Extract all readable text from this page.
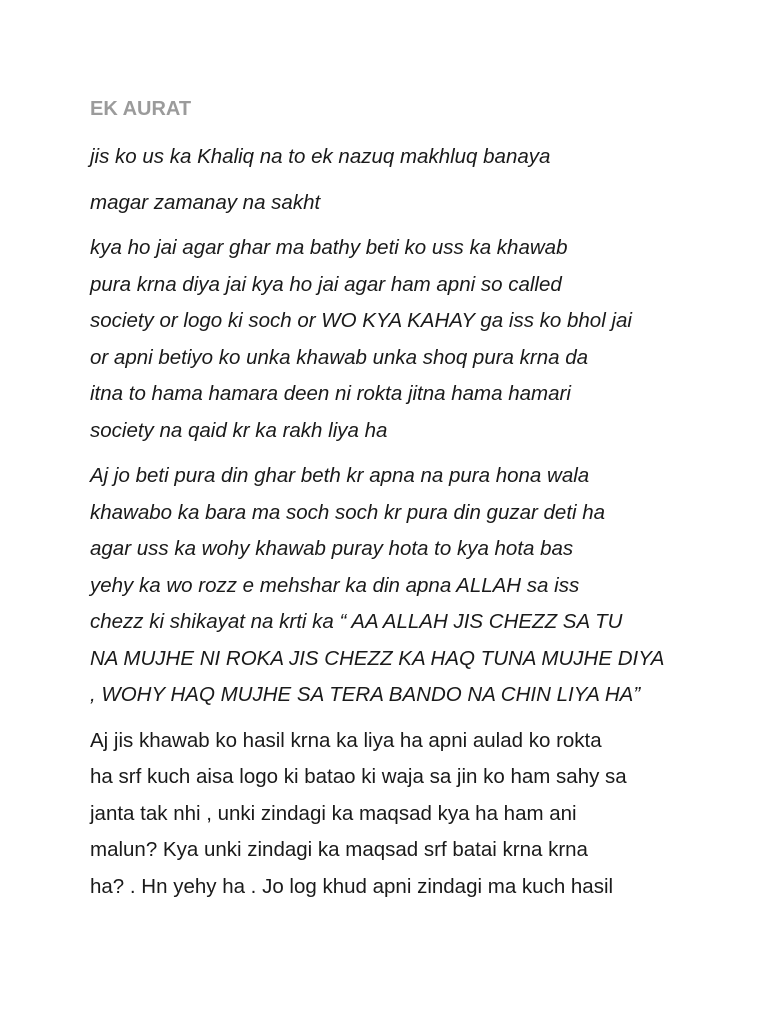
EK AURAT
jis ko us ka Khaliq na to ek nazuq makhluq banaya
magar zamanay na sakht
kya ho jai agar ghar ma bathy beti ko uss ka khawab
pura krna diya jai kya ho jai agar ham apni so called
society or logo ki soch or WO KYA KAHAY ga iss ko bhol jai
or apni betiyo ko unka khawab unka shoq pura krna da
itna to hama hamara deen ni rokta jitna hama hamari
society na qaid kr ka rakh liya ha
Aj jo beti pura din ghar beth kr apna na pura hona wala
khawabo ka bara ma soch soch kr pura din guzar deti ha
agar uss ka wohy khawab puray hota to kya hota bas
yehy ka wo rozz e mehshar ka din apna ALLAH sa iss
chezz ki shikayat na krti ka “ AA ALLAH JIS CHEZZ SA TU
NA MUJHE NI ROKA JIS CHEZZ KA HAQ TUNA MUJHE DIYA
, WOHY HAQ MUJHE SA TERA BANDO NA CHIN LIYA HA”
Aj jis khawab ko hasil krna ka liya ha apni aulad ko rokta
ha srf kuch aisa logo ki batao ki waja sa jin ko ham sahy sa
janta tak nhi , unki zindagi ka maqsad kya ha ham ani
malun? Kya unki zindagi ka maqsad srf batai krna krna
ha? . Hn yehy ha . Jo log khud apni zindagi ma kuch hasil
